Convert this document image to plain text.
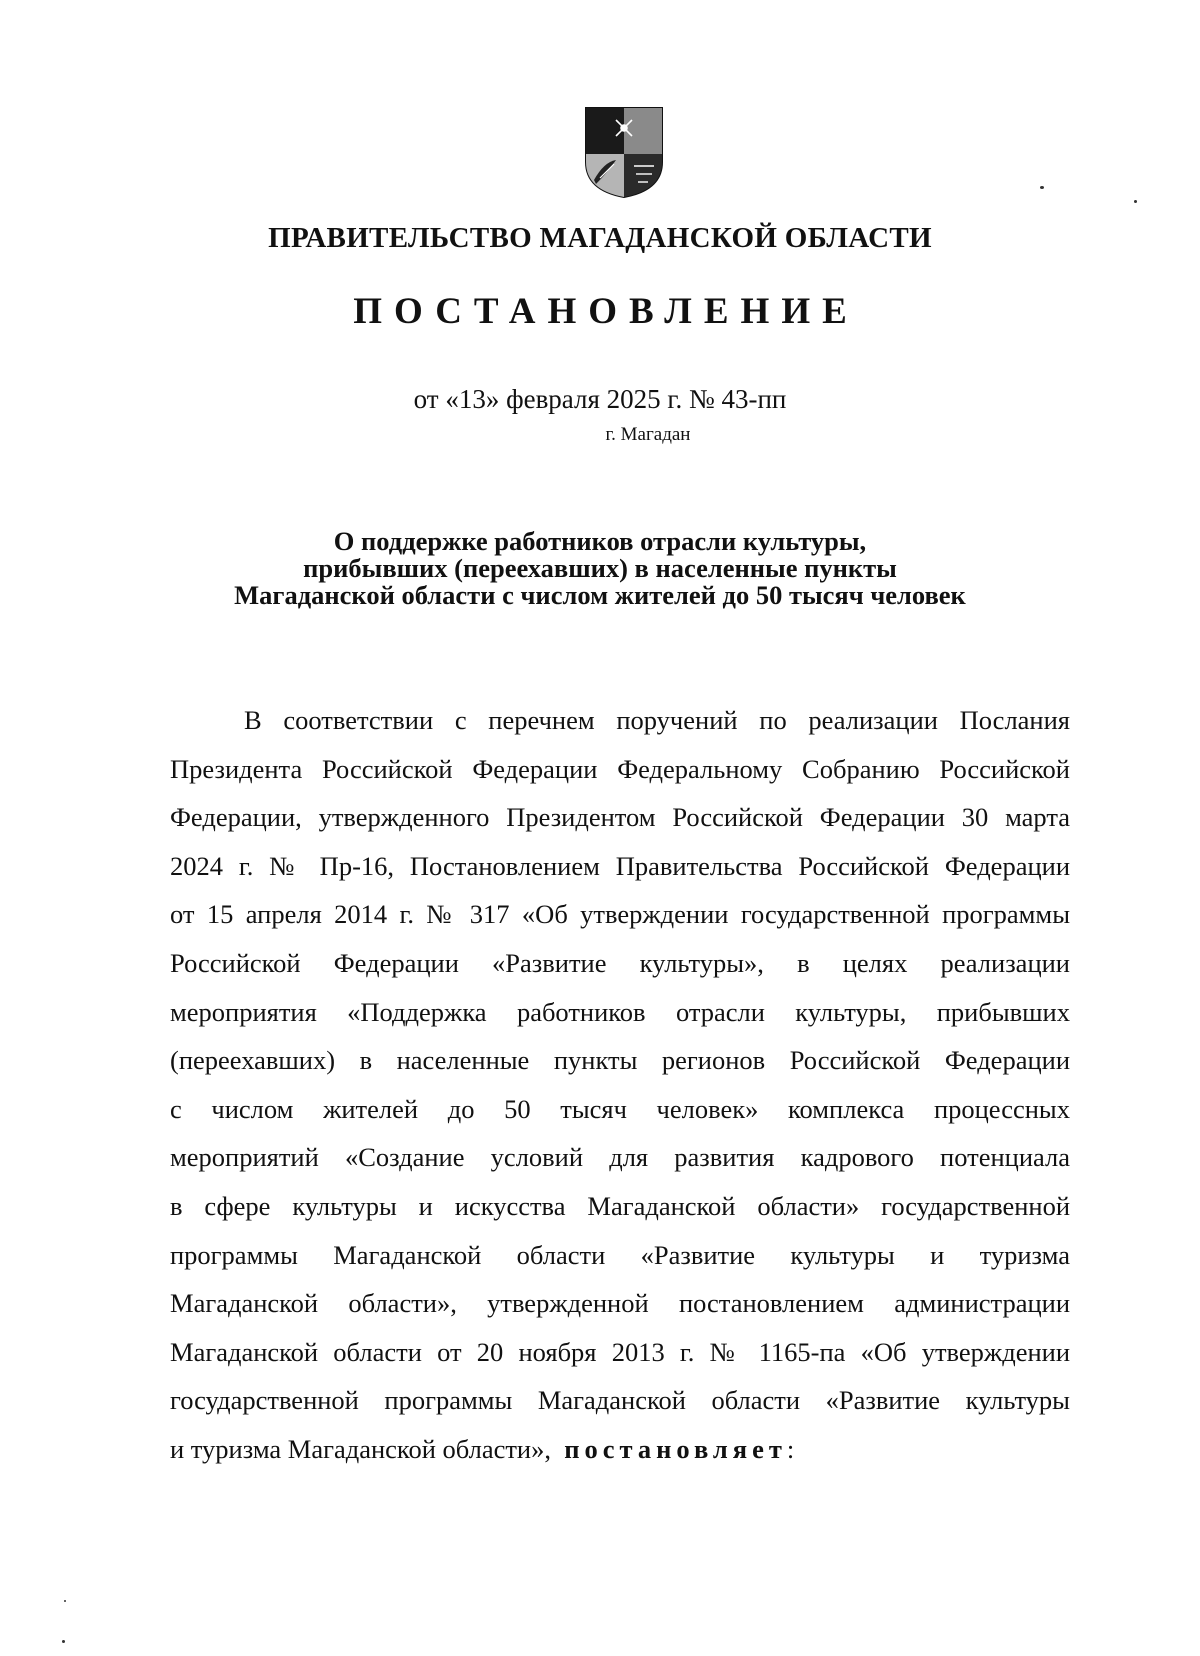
ПРАВИТЕЛЬСТВО МАГАДАНСКОЙ ОБЛАСТИ
ПОСТАНОВЛЕНИЕ
от «13» февраля 2025 г. № 43-пп
г. Магадан
О поддержке работников отрасли культуры,
прибывших (переехавших) в населенные пункты
Магаданской области с числом жителей до 50 тысяч человек
В соответствии с перечнем поручений по реализации Послания
Президента Российской Федерации Федеральному Собранию Российской
Федерации, утвержденного Президентом Российской Федерации 30 марта
2024 г. № Пр-16, Постановлением Правительства Российской Федерации
от 15 апреля 2014 г. № 317 «Об утверждении государственной программы
Российской Федерации «Развитие культуры», в целях реализации
мероприятия «Поддержка работников отрасли культуры, прибывших
(переехавших) в населенные пункты регионов Российской Федерации
с числом жителей до 50 тысяч человек» комплекса процессных
мероприятий «Создание условий для развития кадрового потенциала
в сфере культуры и искусства Магаданской области» государственной
программы Магаданской области «Развитие культуры и туризма
Магаданской области», утвержденной постановлением администрации
Магаданской области от 20 ноября 2013 г. № 1165-па «Об утверждении
государственной программы Магаданской области «Развитие культуры
и туризма Магаданской области», постановляет:
